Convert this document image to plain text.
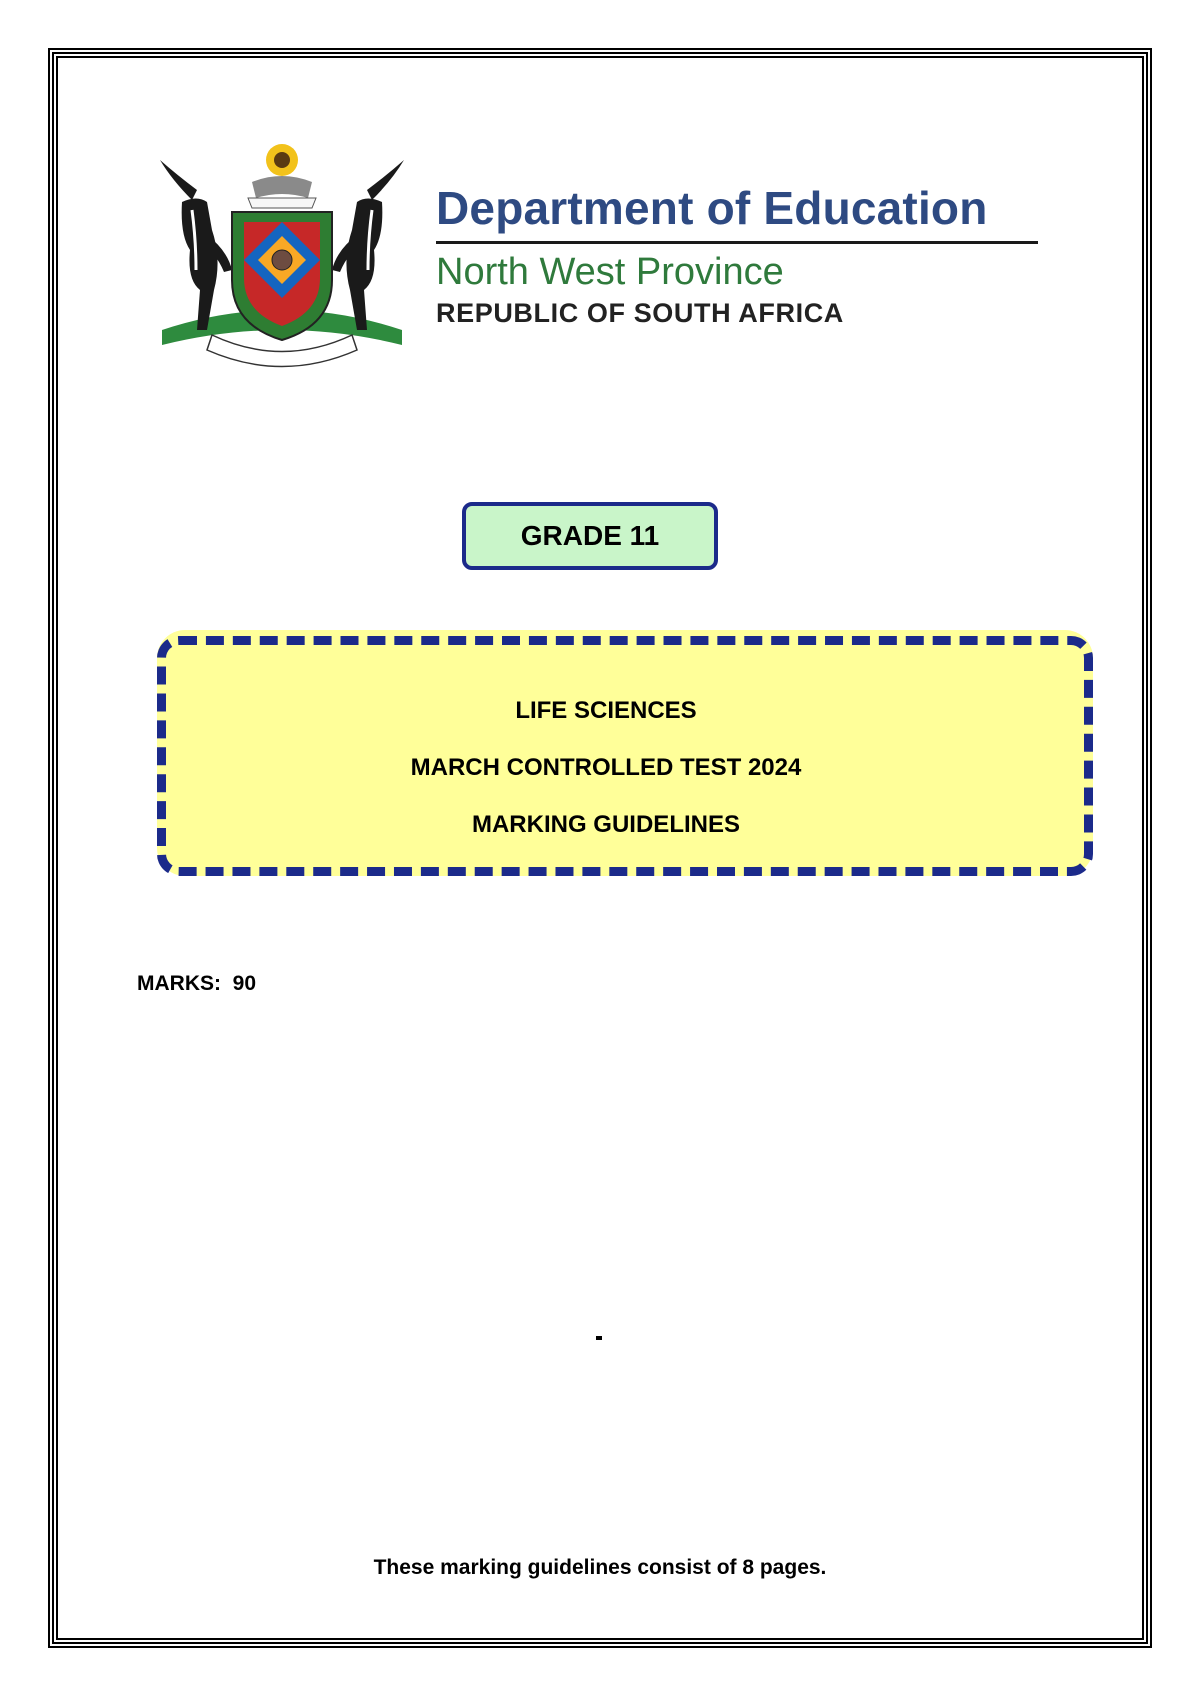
Department of Education
North West Province
REPUBLIC OF SOUTH AFRICA
GRADE 11
LIFE SCIENCES
MARCH CONTROLLED TEST 2024
MARKING GUIDELINES
MARKS:  90
These marking guidelines consist of 8 pages.
